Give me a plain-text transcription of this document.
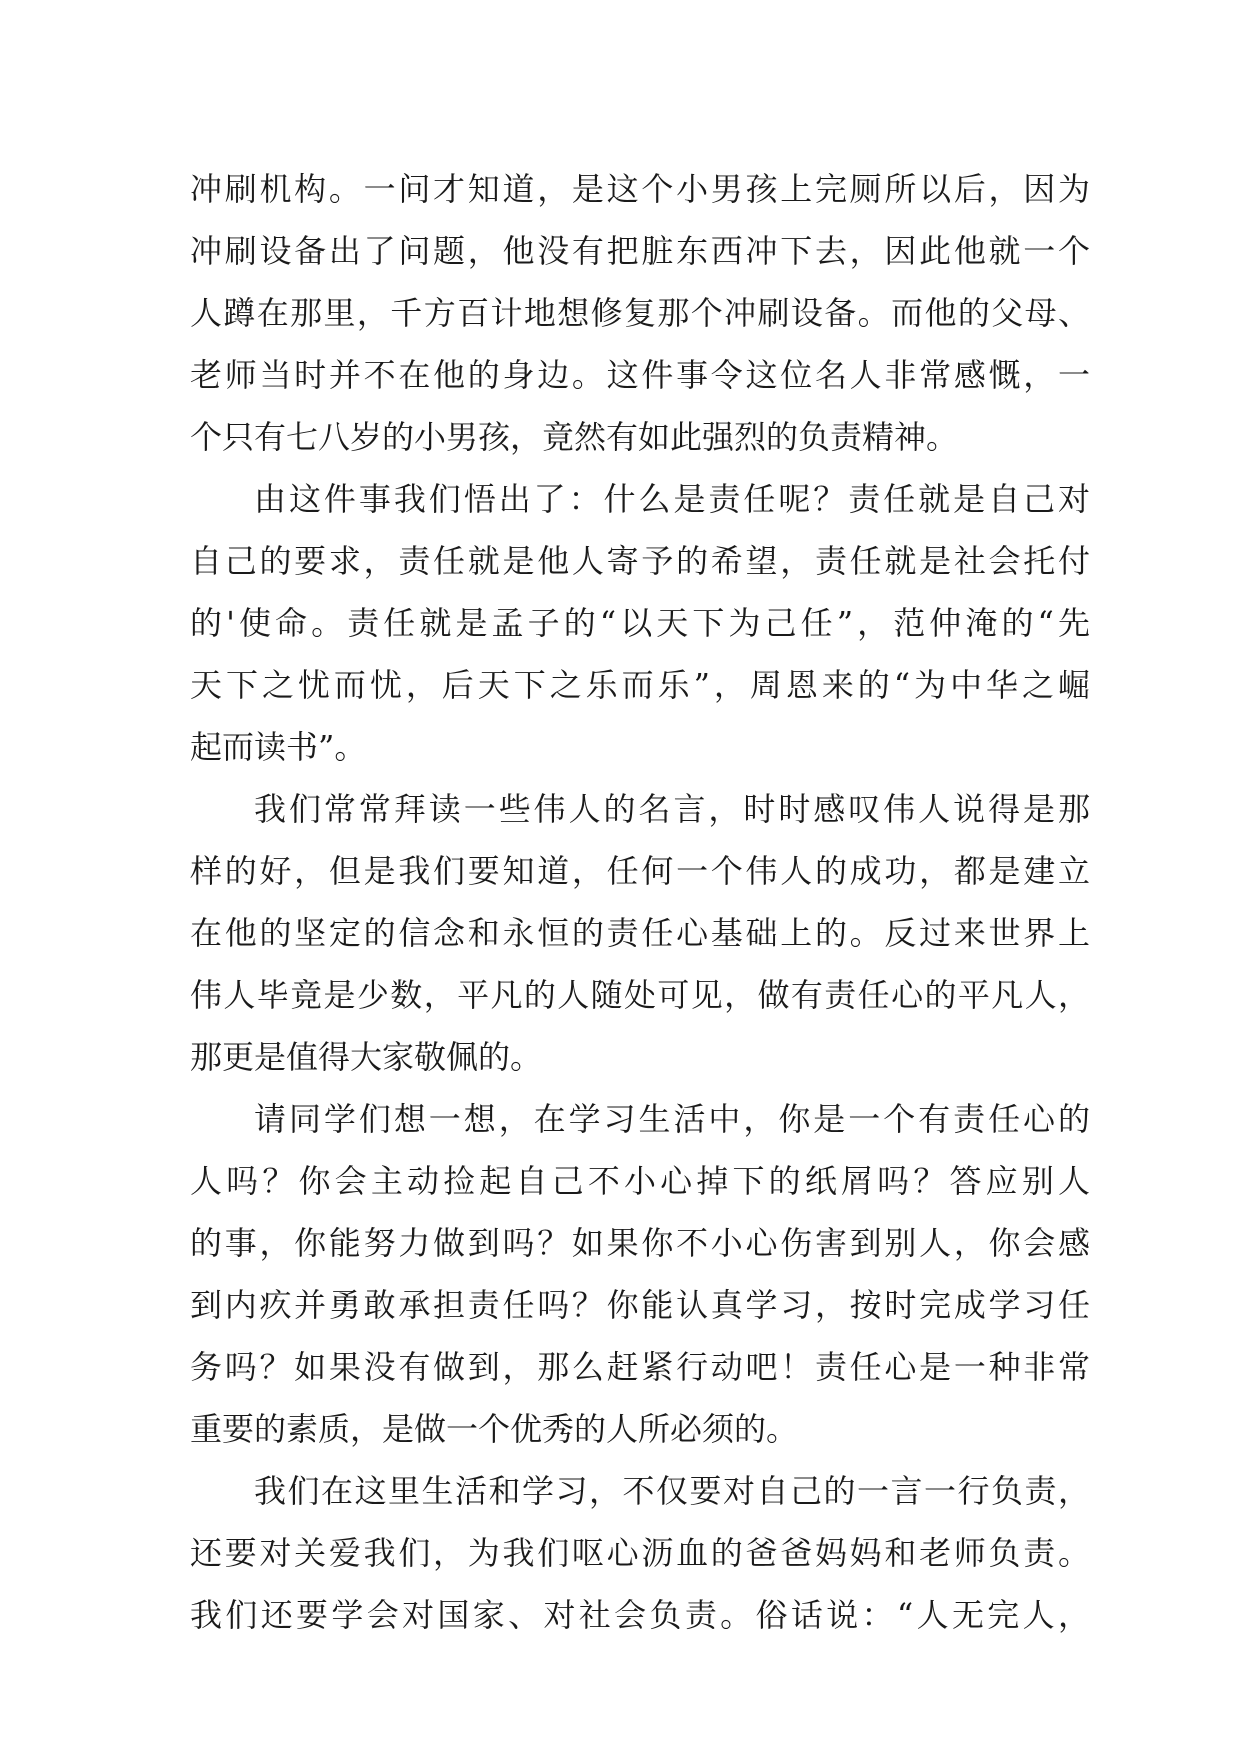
冲刷机构。一问才知道，是这个小男孩上完厕所以后，因为
冲刷设备出了问题，他没有把脏东西冲下去，因此他就一个
人蹲在那里，千方百计地想修复那个冲刷设备。而他的父母、
老师当时并不在他的身边。这件事令这位名人非常感慨，一
个只有七八岁的小男孩，竟然有如此强烈的负责精神。
由这件事我们悟出了：什么是责任呢？责任就是自己对
自己的要求，责任就是他人寄予的希望，责任就是社会托付
的'使命。责任就是孟子的“以天下为己任”，范仲淹的“先
天下之忧而忧，后天下之乐而乐”，周恩来的“为中华之崛
起而读书”。
我们常常拜读一些伟人的名言，时时感叹伟人说得是那
样的好，但是我们要知道，任何一个伟人的成功，都是建立
在他的坚定的信念和永恒的责任心基础上的。反过来世界上
伟人毕竟是少数，平凡的人随处可见，做有责任心的平凡人，
那更是值得大家敬佩的。
请同学们想一想，在学习生活中，你是一个有责任心的
人吗？你会主动捡起自己不小心掉下的纸屑吗？答应别人
的事，你能努力做到吗？如果你不小心伤害到别人，你会感
到内疚并勇敢承担责任吗？你能认真学习，按时完成学习任
务吗？如果没有做到，那么赶紧行动吧！责任心是一种非常
重要的素质，是做一个优秀的人所必须的。
我们在这里生活和学习，不仅要对自己的一言一行负责，
还要对关爱我们，为我们呕心沥血的爸爸妈妈和老师负责。
我们还要学会对国家、对社会负责。俗话说：“人无完人，
